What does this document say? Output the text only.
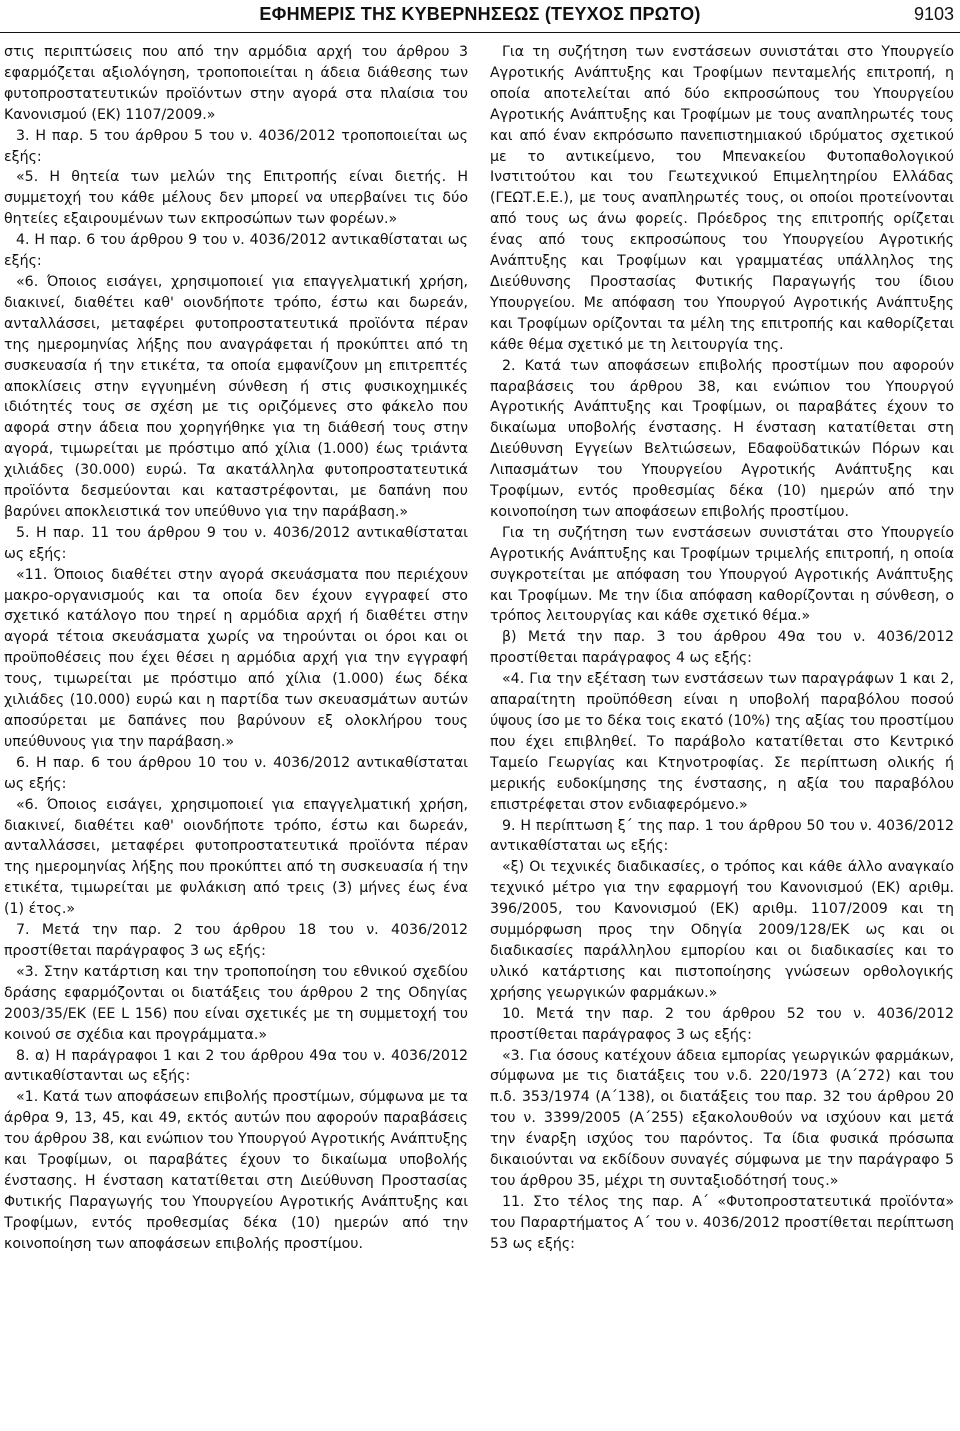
ΕΦΗΜΕΡΙΣ ΤΗΣ ΚΥΒΕΡΝΗΣΕΩΣ (ΤΕΥΧΟΣ ΠΡΩΤΟ)	9103

στις περιπτώσεις που από την αρμόδια αρχή του άρθρου 3 εφαρμόζεται αξιολόγηση, τροποποιείται η άδεια διάθεσης των φυτοπροστατευτικών προϊόντων στην αγορά στα πλαίσια του Κανονισμού (ΕΚ) 1107/2009.»

3. Η παρ. 5 του άρθρου 5 του ν. 4036/2012 τροποποιείται ως εξής:

«5. Η θητεία των μελών της Επιτροπής είναι διετής. Η συμμετοχή του κάθε μέλους δεν μπορεί να υπερβαίνει τις δύο θητείες εξαιρουμένων των εκπροσώπων των φορέων.»

4. Η παρ. 6 του άρθρου 9 του ν. 4036/2012 αντικαθίσταται ως εξής:

«6. Όποιος εισάγει, χρησιμοποιεί για επαγγελματική χρήση, διακινεί, διαθέτει καθ' οιονδήποτε τρόπο, έστω και δωρεάν, ανταλλάσσει, μεταφέρει φυτοπροστατευτικά προϊόντα πέραν της ημερομηνίας λήξης που αναγράφεται ή προκύπτει από τη συσκευασία ή την ετικέτα, τα οποία εμφανίζουν μη επιτρεπτές αποκλίσεις στην εγγυημένη σύνθεση ή στις φυσικοχημικές ιδιότητές τους σε σχέση με τις οριζόμενες στο φάκελο που αφορά στην άδεια που χορηγήθηκε για τη διάθεσή τους στην αγορά, τιμωρείται με πρόστιμο από χίλια (1.000) έως τριάντα χιλιάδες (30.000) ευρώ. Τα ακατάλληλα φυτοπροστατευτικά προϊόντα δεσμεύονται και καταστρέφονται, με δαπάνη που βαρύνει αποκλειστικά τον υπεύθυνο για την παράβαση.»

5. Η παρ. 11 του άρθρου 9 του ν. 4036/2012 αντικαθίσταται ως εξής:

«11. Όποιος διαθέτει στην αγορά σκευάσματα που περιέχουν μακρο-οργανισμούς και τα οποία δεν έχουν εγγραφεί στο σχετικό κατάλογο που τηρεί η αρμόδια αρχή ή διαθέτει στην αγορά τέτοια σκευάσματα χωρίς να τηρούνται οι όροι και οι προϋποθέσεις που έχει θέσει η αρμόδια αρχή για την εγγραφή τους, τιμωρείται με πρόστιμο από χίλια (1.000) έως δέκα χιλιάδες (10.000) ευρώ και η παρτίδα των σκευασμάτων αυτών αποσύρεται με δαπάνες που βαρύνουν εξ ολοκλήρου τους υπεύθυνους για την παράβαση.»

6. Η παρ. 6 του άρθρου 10 του ν. 4036/2012 αντικαθίσταται ως εξής:

«6. Όποιος εισάγει, χρησιμοποιεί για επαγγελματική χρήση, διακινεί, διαθέτει καθ' οιονδήποτε τρόπο, έστω και δωρεάν, ανταλλάσσει, μεταφέρει φυτοπροστατευτικά προϊόντα πέραν της ημερομηνίας λήξης που προκύπτει από τη συσκευασία ή την ετικέτα, τιμωρείται με φυλάκιση από τρεις (3) μήνες έως ένα (1) έτος.»

7. Μετά την παρ. 2 του άρθρου 18 του ν. 4036/2012 προστίθεται παράγραφος 3 ως εξής:

«3. Στην κατάρτιση και την τροποποίηση του εθνικού σχεδίου δράσης εφαρμόζονται οι διατάξεις του άρθρου 2 της Οδηγίας 2003/35/ΕΚ (ΕΕ L 156) που είναι σχετικές με τη συμμετοχή του κοινού σε σχέδια και προγράμματα.»

8. α) Η παράγραφοι 1 και 2 του άρθρου 49α του ν. 4036/2012 αντικαθίστανται ως εξής:

«1. Κατά των αποφάσεων επιβολής προστίμων, σύμφωνα με τα άρθρα 9, 13, 45, και 49, εκτός αυτών που αφορούν παραβάσεις του άρθρου 38, και ενώπιον του Υπουργού Αγροτικής Ανάπτυξης και Τροφίμων, οι παραβάτες έχουν το δικαίωμα υποβολής ένστασης. Η ένσταση κατατίθεται στη Διεύθυνση Προστασίας Φυτικής Παραγωγής του Υπουργείου Αγροτικής Ανάπτυξης και Τροφίμων, εντός προθεσμίας δέκα (10) ημερών από την κοινοποίηση των αποφάσεων επιβολής προστίμου.

Για τη συζήτηση των ενστάσεων συνιστάται στο Υπουργείο Αγροτικής Ανάπτυξης και Τροφίμων πενταμελής επιτροπή, η οποία αποτελείται από δύο εκπροσώπους του Υπουργείου Αγροτικής Ανάπτυξης και Τροφίμων με τους αναπληρωτές τους και από έναν εκπρόσωπο πανεπιστημιακού ιδρύματος σχετικού με το αντικείμενο, του Μπενακείου Φυτοπαθολογικού Ινστιτούτου και του Γεωτεχνικού Επιμελητηρίου Ελλάδας (ΓΕΩΤ.Ε.Ε.), με τους αναπληρωτές τους, οι οποίοι προτείνονται από τους ως άνω φορείς. Πρόεδρος της επιτροπής ορίζεται ένας από τους εκπροσώπους του Υπουργείου Αγροτικής Ανάπτυξης και Τροφίμων και γραμματέας υπάλληλος της Διεύθυνσης Προστασίας Φυτικής Παραγωγής του ίδιου Υπουργείου. Με απόφαση του Υπουργού Αγροτικής Ανάπτυξης και Τροφίμων ορίζονται τα μέλη της επιτροπής και καθορίζεται κάθε θέμα σχετικό με τη λειτουργία της.

2. Κατά των αποφάσεων επιβολής προστίμων που αφορούν παραβάσεις του άρθρου 38, και ενώπιον του Υπουργού Αγροτικής Ανάπτυξης και Τροφίμων, οι παραβάτες έχουν το δικαίωμα υποβολής ένστασης. Η ένσταση κατατίθεται στη Διεύθυνση Εγγείων Βελτιώσεων, Εδαφοϋδατικών Πόρων και Λιπασμάτων του Υπουργείου Αγροτικής Ανάπτυξης και Τροφίμων, εντός προθεσμίας δέκα (10) ημερών από την κοινοποίηση των αποφάσεων επιβολής προστίμου.

Για τη συζήτηση των ενστάσεων συνιστάται στο Υπουργείο Αγροτικής Ανάπτυξης και Τροφίμων τριμελής επιτροπή, η οποία συγκροτείται με απόφαση του Υπουργού Αγροτικής Ανάπτυξης και Τροφίμων. Με την ίδια απόφαση καθορίζονται η σύνθεση, ο τρόπος λειτουργίας και κάθε σχετικό θέμα.»

β) Μετά την παρ. 3 του άρθρου 49α του ν. 4036/2012 προστίθεται παράγραφος 4 ως εξής:

«4. Για την εξέταση των ενστάσεων των παραγράφων 1 και 2, απαραίτητη προϋπόθεση είναι η υποβολή παραβόλου ποσού ύψους ίσο με το δέκα τοις εκατό (10%) της αξίας του προστίμου που έχει επιβληθεί. Το παράβολο κατατίθεται στο Κεντρικό Ταμείο Γεωργίας και Κτηνοτροφίας. Σε περίπτωση ολικής ή μερικής ευδοκίμησης της ένστασης, η αξία του παραβόλου επιστρέφεται στον ενδιαφερόμενο.»

9. Η περίπτωση ξ΄ της παρ. 1 του άρθρου 50 του ν. 4036/2012 αντικαθίσταται ως εξής:

«ξ) Οι τεχνικές διαδικασίες, ο τρόπος και κάθε άλλο αναγκαίο τεχνικό μέτρο για την εφαρμογή του Κανονισμού (ΕΚ) αριθμ. 396/2005, του Κανονισμού (ΕΚ) αριθμ. 1107/2009 και τη συμμόρφωση προς την Οδηγία 2009/128/ΕΚ ως και οι διαδικασίες παράλληλου εμπορίου και οι διαδικασίες και το υλικό κατάρτισης και πιστοποίησης γνώσεων ορθολογικής χρήσης γεωργικών φαρμάκων.»

10. Μετά την παρ. 2 του άρθρου 52 του ν. 4036/2012 προστίθεται παράγραφος 3 ως εξής:

«3. Για όσους κατέχουν άδεια εμπορίας γεωργικών φαρμάκων, σύμφωνα με τις διατάξεις του ν.δ. 220/1973 (Α΄272) και του π.δ. 353/1974 (Α΄138), οι διατάξεις του παρ. 32 του άρθρου 20 του ν. 3399/2005 (Α΄255) εξακολουθούν να ισχύουν και μετά την έναρξη ισχύος του παρόντος. Τα ίδια φυσικά πρόσωπα δικαιούνται να εκδίδουν συναγές σύμφωνα με την παράγραφο 5 του άρθρου 35, μέχρι τη συνταξιοδότησή τους.»

11. Στο τέλος της παρ. Α΄ «Φυτοπροστατευτικά προϊόντα» του Παραρτήματος Α΄ του ν. 4036/2012 προστίθεται περίπτωση 53 ως εξής:
